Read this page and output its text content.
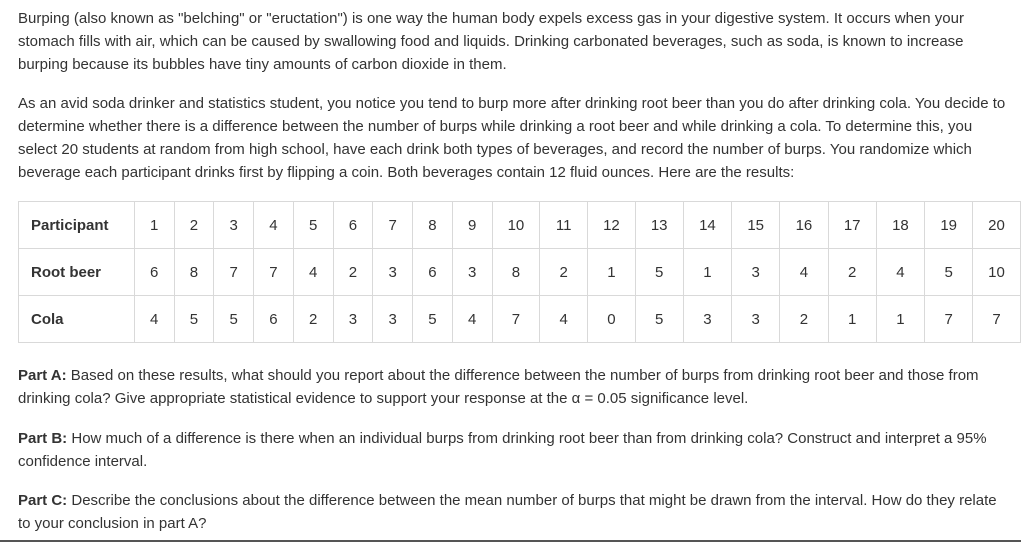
Burping (also known as "belching" or "eructation") is one way the human body expels excess gas in your digestive system. It occurs when your stomach fills with air, which can be caused by swallowing food and liquids. Drinking carbonated beverages, such as soda, is known to increase burping because its bubbles have tiny amounts of carbon dioxide in them.

As an avid soda drinker and statistics student, you notice you tend to burp more after drinking root beer than you do after drinking cola. You decide to determine whether there is a difference between the number of burps while drinking a root beer and while drinking a cola. To determine this, you select 20 students at random from high school, have each drink both types of beverages, and record the number of burps. You randomize which beverage each participant drinks first by flipping a coin. Both beverages contain 12 fluid ounces. Here are the results:

Participant	1	2	3	4	5	6	7	8	9	10	11	12	13	14	15	16	17	18	19	20
Root beer	6	8	7	7	4	2	3	6	3	8	2	1	5	1	3	4	2	4	5	10
Cola	4	5	5	6	2	3	3	5	4	7	4	0	5	3	3	2	1	1	7	7

Part A: Based on these results, what should you report about the difference between the number of burps from drinking root beer and those from drinking cola? Give appropriate statistical evidence to support your response at the α = 0.05 significance level.

Part B: How much of a difference is there when an individual burps from drinking root beer than from drinking cola? Construct and interpret a 95% confidence interval.

Part C: Describe the conclusions about the difference between the mean number of burps that might be drawn from the interval. How do they relate to your conclusion in part A?
